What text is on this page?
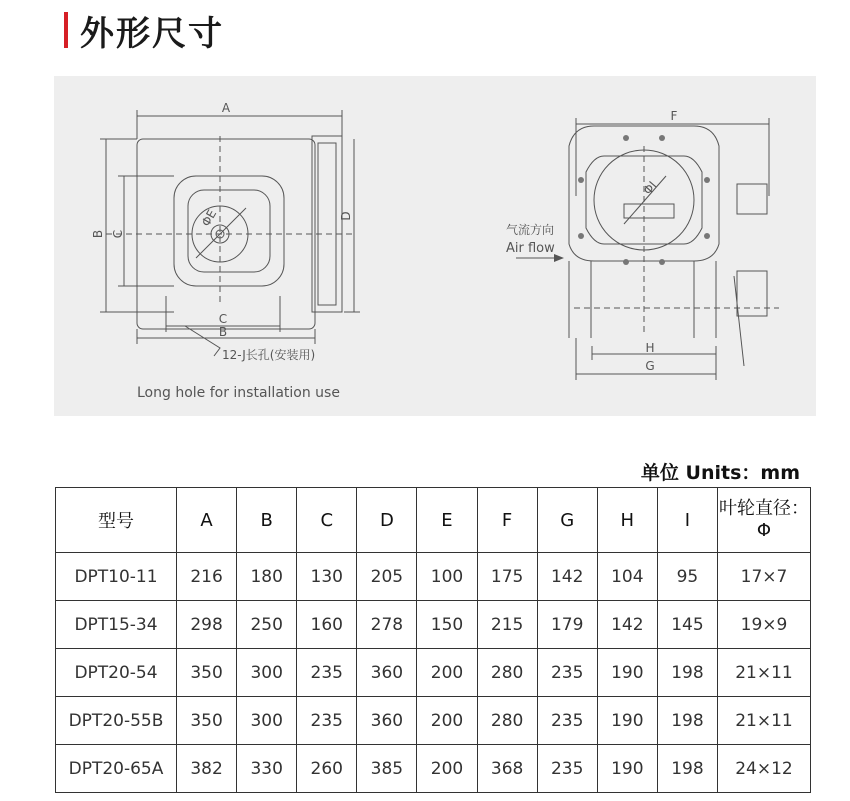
外形尺寸
A
B C
D
ΦE
C
B
12-J长孔(安装用)
Long hole for installation use
F
ΦI
H
G
气流方向
Air flow
单位 Units：mm
型号	A	B	C	D	E	F	G	H	I	叶轮直径：Φ
DPT10-11	216	180	130	205	100	175	142	104	95	17×7
DPT15-34	298	250	160	278	150	215	179	142	145	19×9
DPT20-54	350	300	235	360	200	280	235	190	198	21×11
DPT20-55B	350	300	235	360	200	280	235	190	198	21×11
DPT20-65A	382	330	260	385	200	368	235	190	198	24×12
